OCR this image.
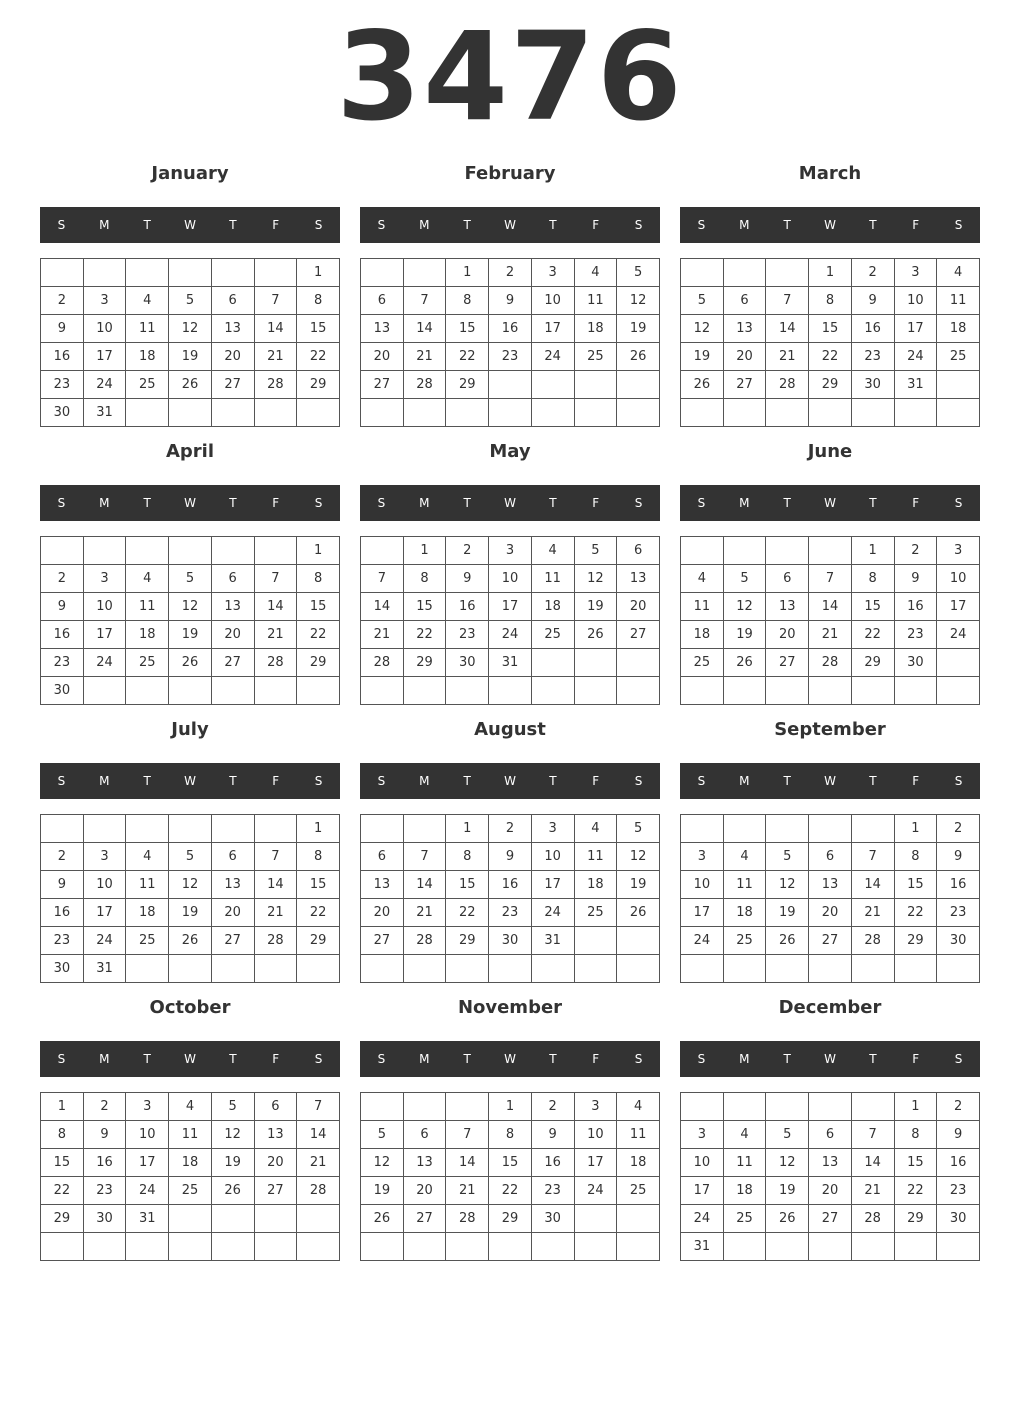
3476
January
S	M	T	W	T	F	S
						1
2	3	4	5	6	7	8
9	10	11	12	13	14	15
16	17	18	19	20	21	22
23	24	25	26	27	28	29
30	31					
February
S	M	T	W	T	F	S
		1	2	3	4	5
6	7	8	9	10	11	12
13	14	15	16	17	18	19
20	21	22	23	24	25	26
27	28	29				

March
S	M	T	W	T	F	S
			1	2	3	4
5	6	7	8	9	10	11
12	13	14	15	16	17	18
19	20	21	22	23	24	25
26	27	28	29	30	31	

April
S	M	T	W	T	F	S
						1
2	3	4	5	6	7	8
9	10	11	12	13	14	15
16	17	18	19	20	21	22
23	24	25	26	27	28	29
30						
May
S	M	T	W	T	F	S
	1	2	3	4	5	6
7	8	9	10	11	12	13
14	15	16	17	18	19	20
21	22	23	24	25	26	27
28	29	30	31			

June
S	M	T	W	T	F	S
				1	2	3
4	5	6	7	8	9	10
11	12	13	14	15	16	17
18	19	20	21	22	23	24
25	26	27	28	29	30	

July
S	M	T	W	T	F	S
						1
2	3	4	5	6	7	8
9	10	11	12	13	14	15
16	17	18	19	20	21	22
23	24	25	26	27	28	29
30	31					
August
S	M	T	W	T	F	S
		1	2	3	4	5
6	7	8	9	10	11	12
13	14	15	16	17	18	19
20	21	22	23	24	25	26
27	28	29	30	31		

September
S	M	T	W	T	F	S
					1	2
3	4	5	6	7	8	9
10	11	12	13	14	15	16
17	18	19	20	21	22	23
24	25	26	27	28	29	30

October
S	M	T	W	T	F	S
1	2	3	4	5	6	7
8	9	10	11	12	13	14
15	16	17	18	19	20	21
22	23	24	25	26	27	28
29	30	31				

November
S	M	T	W	T	F	S
			1	2	3	4
5	6	7	8	9	10	11
12	13	14	15	16	17	18
19	20	21	22	23	24	25
26	27	28	29	30		

December
S	M	T	W	T	F	S
					1	2
3	4	5	6	7	8	9
10	11	12	13	14	15	16
17	18	19	20	21	22	23
24	25	26	27	28	29	30
31						
